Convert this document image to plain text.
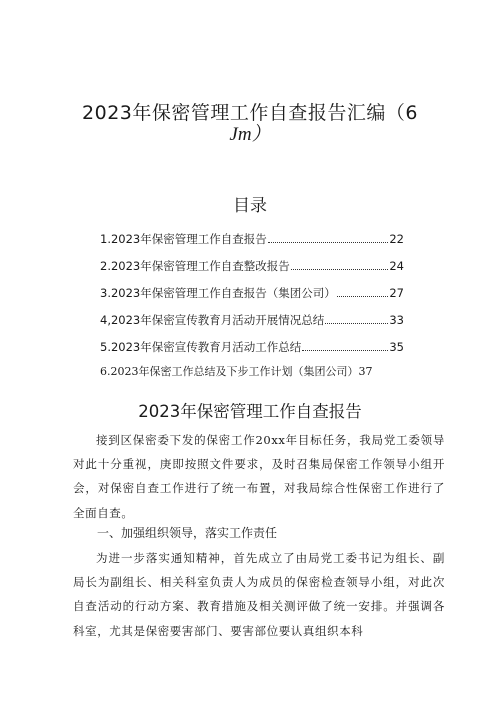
2023年保密管理工作自查报告汇编（6
Jm）
目录
1.2023年保密管理工作自查报告	22
2.2023年保密管理工作自查整改报告	24
3.2023年保密管理工作自查报告（集团公司）	27
4,2023年保密宣传教育月活动开展情况总结	33
5.2023年保密宣传教育月活动工作总结	35
6.2023年保密工作总结及下步工作计划（集团公司） 37
2023年保密管理工作自查报告
接到区保密委下发的保密工作20xx年目标任务，我局党工委领导对此十分重视，庚即按照文件要求，及时召集局保密工作领导小组开会，对保密自查工作进行了统一布置，对我局综合性保密工作进行了全面自查。
一、加强组织领导，落实工作责任
为进一步落实通知精神，首先成立了由局党工委书记为组长、副局长为副组长、相关科室负责人为成员的保密检查领导小组，对此次自查活动的行动方案、教育措施及相关测评做了统一安排。并强调各科室，尤其是保密要害部门、要害部位要认真组织本科
